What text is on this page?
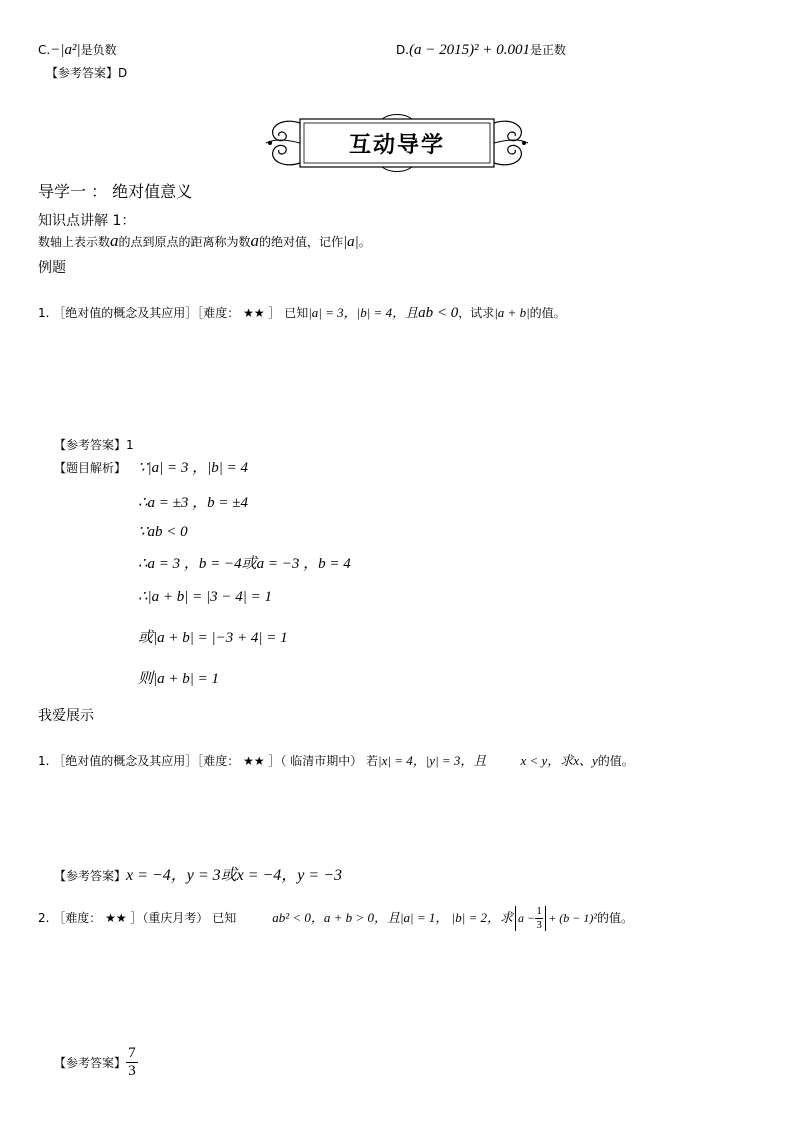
C.−|a²|是负数	D.(a − 2015)² + 0.001是正数
【参考答案】D
互动导学
导学一 ： 绝对值意义
知识点讲解 1：
数轴上表示数a的点到原点的距离称为数a的绝对值，记作|a|。
例题
1. ［绝对值的概念及其应用］［难度： ★★ ］ 已知|a| = 3，|b| = 4，且ab < 0，试求|a + b|的值。
【参考答案】1
【题目解析】 ∵|a| = 3 ，|b| = 4
∴a = ±3 ，b = ±4
∵ab < 0
∴a = 3 ，b = −4或a = −3 ，b = 4
∴|a + b| = |3 − 4| = 1
或|a + b| = |−3 + 4| = 1
则|a + b| = 1
我爱展示
1. ［绝对值的概念及其应用］［难度： ★★ ］（ 临清市期中） 若|x| = 4，|y| = 3，且	x < y，求x、y的值。
【参考答案】x = −4，y = 3或x = −4，y = −3
2. ［难度： ★★ ］（重庆月考） 已知	ab² < 0，a + b > 0，且|a| = 1， |b| = 2，求 $a - \frac{1}{3} + (b - 1)^2$的值。
【参考答案】 $\frac{7}{3}$
